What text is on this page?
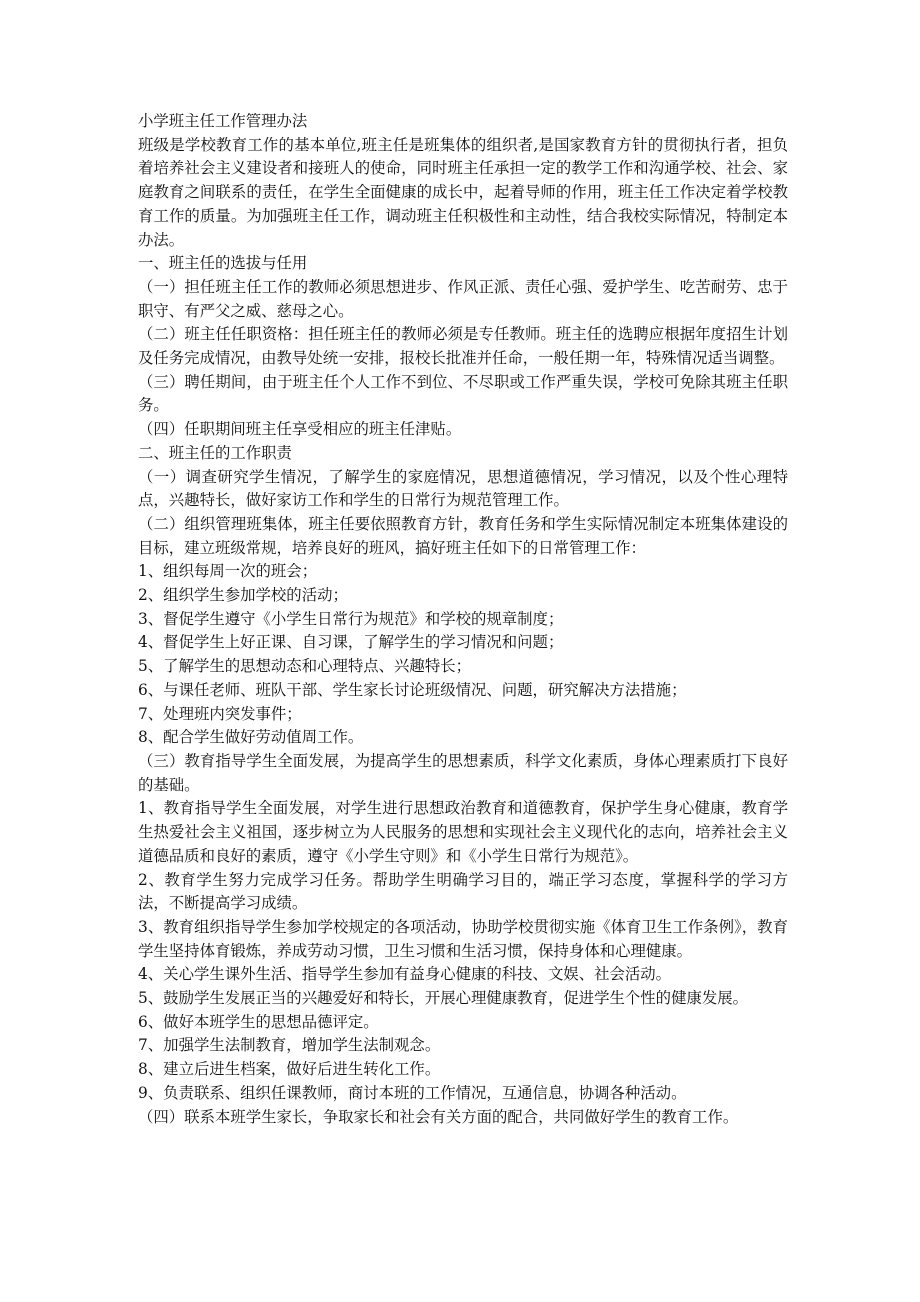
小学班主任工作管理办法

班级是学校教育工作的基本单位,班主任是班集体的组织者,是国家教育方针的贯彻执行者，担负着培养社会主义建设者和接班人的使命，同时班主任承担一定的教学工作和沟通学校、社会、家庭教育之间联系的责任，在学生全面健康的成长中，起着导师的作用，班主任工作决定着学校教育工作的质量。为加强班主任工作，调动班主任积极性和主动性，结合我校实际情况，特制定本办法。

一、班主任的选拔与任用

（一）担任班主任工作的教师必须思想进步、作风正派、责任心强、爱护学生、吃苦耐劳、忠于职守、有严父之威、慈母之心。

（二）班主任任职资格：担任班主任的教师必须是专任教师。班主任的选聘应根据年度招生计划及任务完成情况，由教导处统一安排，报校长批准并任命，一般任期一年，特殊情况适当调整。

（三）聘任期间，由于班主任个人工作不到位、不尽职或工作严重失误，学校可免除其班主任职务。

（四）任职期间班主任享受相应的班主任津贴。

二、班主任的工作职责

（一）调查研究学生情况，了解学生的家庭情况，思想道德情况，学习情况，以及个性心理特点，兴趣特长，做好家访工作和学生的日常行为规范管理工作。

（二）组织管理班集体，班主任要依照教育方针，教育任务和学生实际情况制定本班集体建设的目标，建立班级常规，培养良好的班风，搞好班主任如下的日常管理工作：

1、组织每周一次的班会；

2、组织学生参加学校的活动；

3、督促学生遵守《小学生日常行为规范》和学校的规章制度；

4、督促学生上好正课、自习课，了解学生的学习情况和问题；

5、了解学生的思想动态和心理特点、兴趣特长；

6、与课任老师、班队干部、学生家长讨论班级情况、问题，研究解决方法措施；

7、处理班内突发事件；

8、配合学生做好劳动值周工作。

（三）教育指导学生全面发展，为提高学生的思想素质，科学文化素质，身体心理素质打下良好的基础。

1、教育指导学生全面发展，对学生进行思想政治教育和道德教育，保护学生身心健康，教育学生热爱社会主义祖国，逐步树立为人民服务的思想和实现社会主义现代化的志向，培养社会主义道德品质和良好的素质，遵守《小学生守则》和《小学生日常行为规范》。

2、教育学生努力完成学习任务。帮助学生明确学习目的，端正学习态度，掌握科学的学习方法，不断提高学习成绩。

3、教育组织指导学生参加学校规定的各项活动，协助学校贯彻实施《体育卫生工作条例》，教育学生坚持体育锻炼，养成劳动习惯，卫生习惯和生活习惯，保持身体和心理健康。

4、关心学生课外生活、指导学生参加有益身心健康的科技、文娱、社会活动。

5、鼓励学生发展正当的兴趣爱好和特长，开展心理健康教育，促进学生个性的健康发展。

6、做好本班学生的思想品德评定。

7、加强学生法制教育，增加学生法制观念。

8、建立后进生档案，做好后进生转化工作。

9、负责联系、组织任课教师，商讨本班的工作情况，互通信息，协调各种活动。

（四）联系本班学生家长，争取家长和社会有关方面的配合，共同做好学生的教育工作。
